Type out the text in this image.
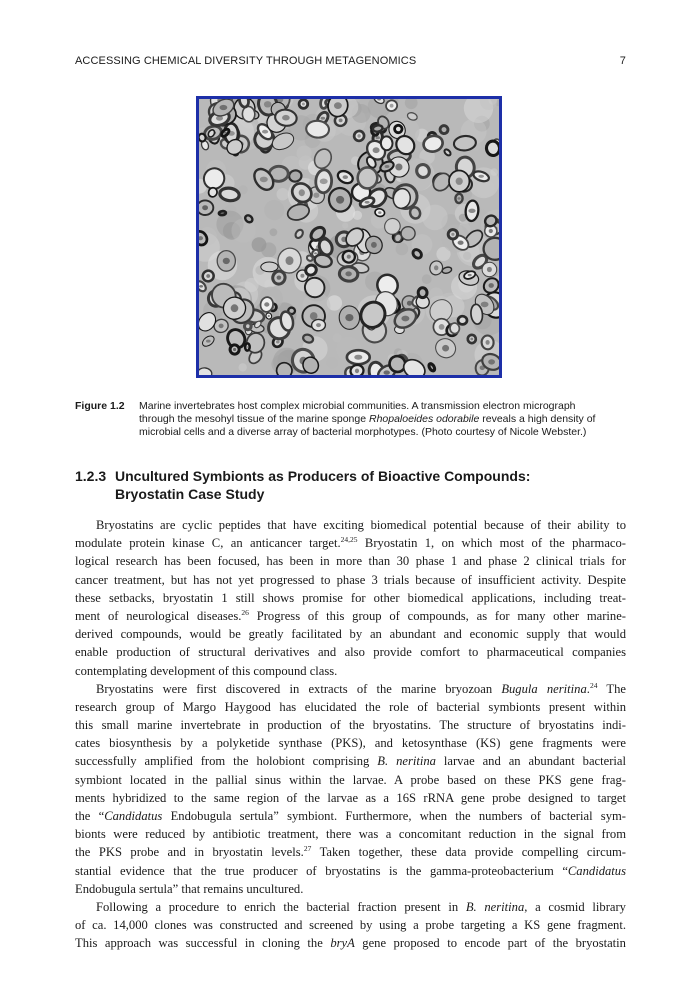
ACCESSING CHEMICAL DIVERSITY THROUGH METAGENOMICS	7
Figure 1.2 Marine invertebrates host complex microbial communities. A transmission electron micrograph
through the mesohyl tissue of the marine sponge Rhopaloeides odorabile reveals a high density of
microbial cells and a diverse array of bacterial morphotypes. (Photo courtesy of Nicole Webster.)
1.2.3 Uncultured Symbionts as Producers of Bioactive Compounds:
Bryostatin Case Study
Bryostatins are cyclic peptides that have exciting biomedical potential because of their ability to
modulate protein kinase C, an anticancer target.$^{24,25}$ Bryostatin 1, on which most of the pharmaco-
logical research has been focused, has been in more than 30 phase 1 and phase 2 clinical trials for
cancer treatment, but has not yet progressed to phase 3 trials because of insufficient activity. Despite
these setbacks, bryostatin 1 still shows promise for other biomedical applications, including treat-
ment of neurological diseases.$^{26}$ Progress of this group of compounds, as for many other marine-
derived compounds, would be greatly facilitated by an abundant and economic supply that would
enable production of structural derivatives and also provide comfort to pharmaceutical companies
contemplating development of this compound class.
Bryostatins were first discovered in extracts of the marine bryozoan Bugula neritina.$^{24}$ The
research group of Margo Haygood has elucidated the role of bacterial symbionts present within
this small marine invertebrate in production of the bryostatins. The structure of bryostatins indi-
cates biosynthesis by a polyketide synthase (PKS), and ketosynthase (KS) gene fragments were
successfully amplified from the holobiont comprising B. neritina larvae and an abundant bacterial
symbiont located in the pallial sinus within the larvae. A probe based on these PKS gene frag-
ments hybridized to the same region of the larvae as a 16S rRNA gene probe designed to target
the “Candidatus Endobugula sertula” symbiont. Furthermore, when the numbers of bacterial sym-
bionts were reduced by antibiotic treatment, there was a concomitant reduction in the signal from
the PKS probe and in bryostatin levels.$^{27}$ Taken together, these data provide compelling circum-
stantial evidence that the true producer of bryostatins is the gamma-proteobacterium “Candidatus
Endobugula sertula” that remains uncultured.
Following a procedure to enrich the bacterial fraction present in B. neritina, a cosmid library
of ca. 14,000 clones was constructed and screened by using a probe targeting a KS gene fragment.
This approach was successful in cloning the bryA gene proposed to encode part of the bryostatin
